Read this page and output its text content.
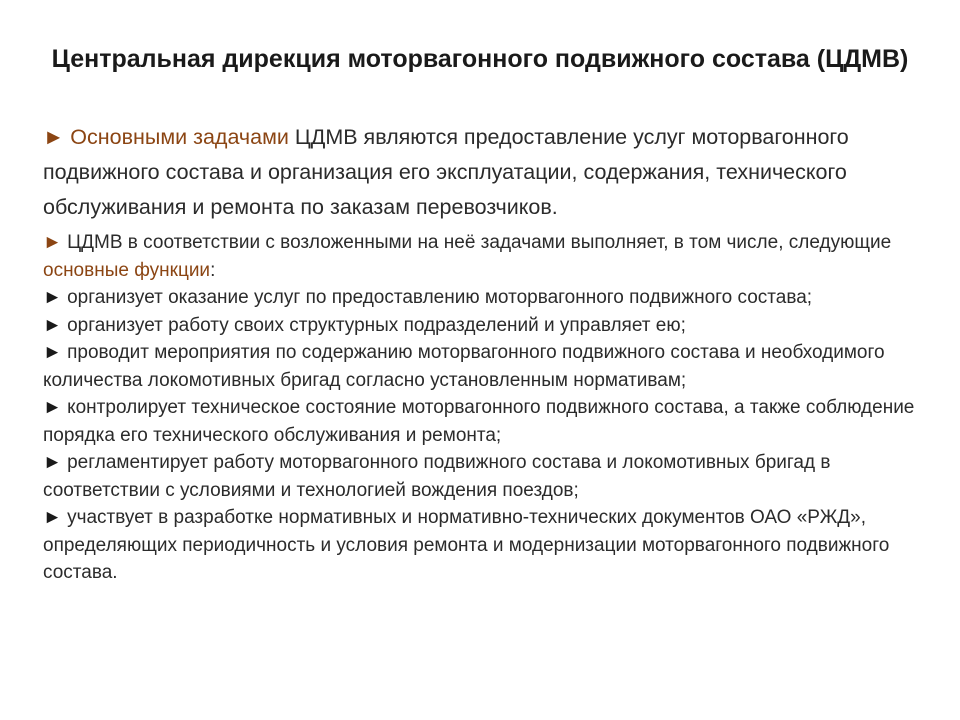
Центральная дирекция моторвагонного подвижного состава (ЦДМВ)

► Основными задачами ЦДМВ являются предоставление услуг моторвагонного подвижного состава и организация его эксплуатации, содержания, технического обслуживания и ремонта по заказам перевозчиков.

► ЦДМВ в соответствии с возложенными на неё задачами выполняет, в том числе, следующие основные функции:

► организует оказание услуг по предоставлению моторвагонного подвижного состава;

► организует работу своих структурных подразделений и управляет ею;

► проводит мероприятия по содержанию моторвагонного подвижного состава и необходимого количества локомотивных бригад согласно установленным нормативам;

► контролирует техническое состояние моторвагонного подвижного состава, а также соблюдение порядка его технического обслуживания и ремонта;

► регламентирует работу моторвагонного подвижного состава и локомотивных бригад в соответствии с условиями и технологией вождения поездов;

► участвует в разработке нормативных и нормативно-технических документов ОАО «РЖД», определяющих периодичность и условия ремонта и модернизации моторвагонного подвижного состава.
